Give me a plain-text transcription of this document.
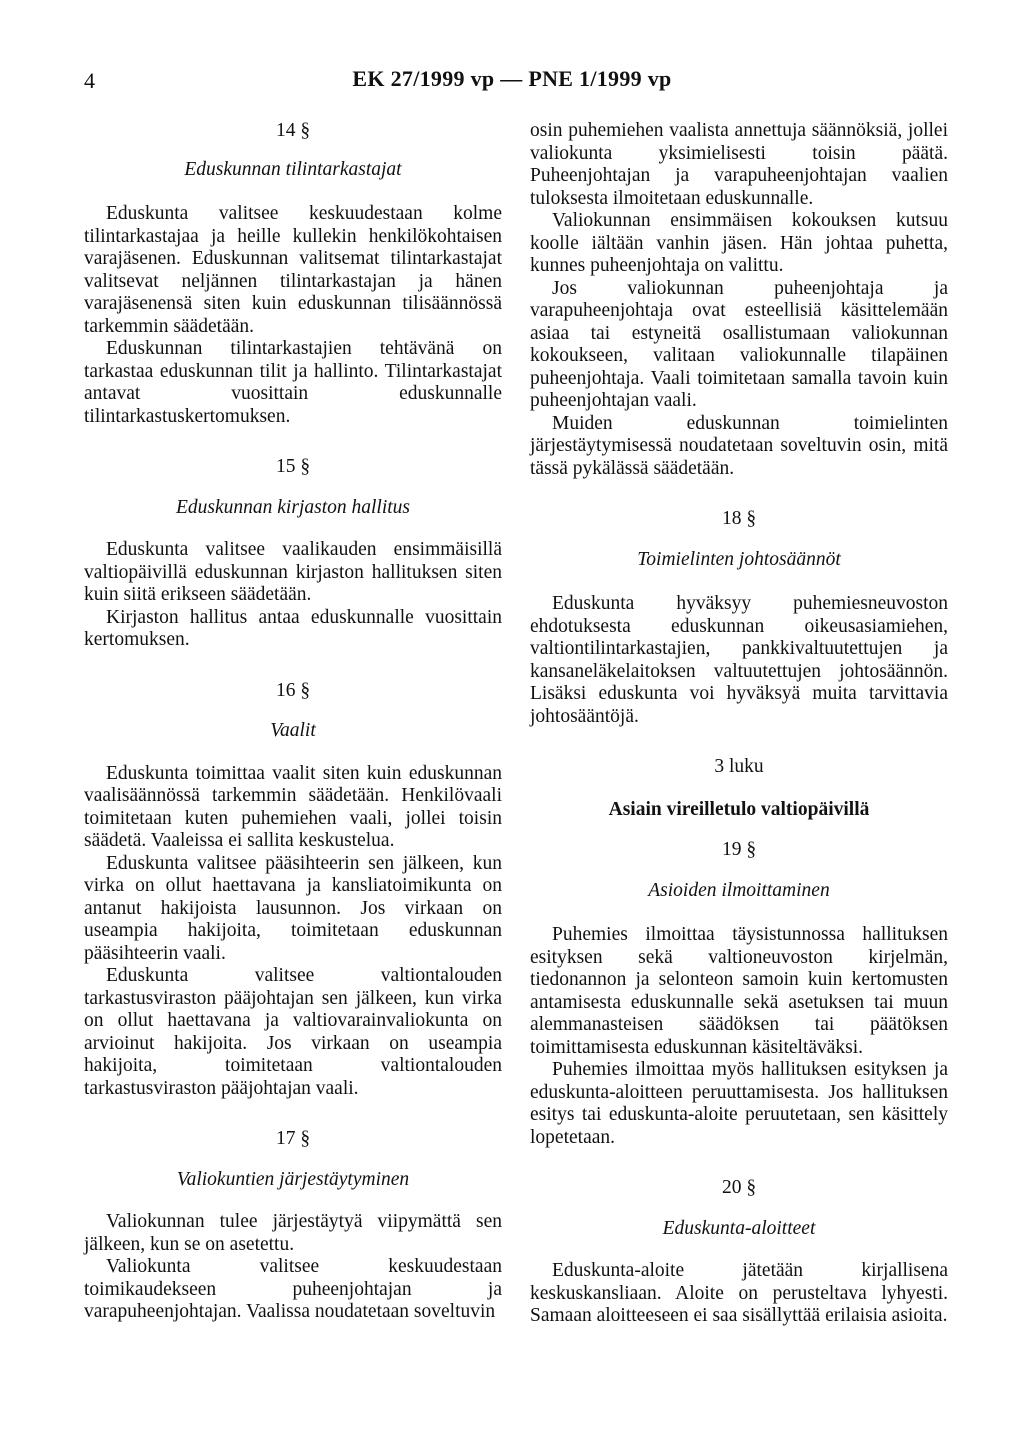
4	EK 27/1999 vp — PNE 1/1999 vp

14 §

Eduskunnan tilintarkastajat

Eduskunta valitsee keskuudestaan kolme tilintarkastajaa ja heille kullekin henkilökohtaisen varajäsenen. Eduskunnan valitsemat tilintarkastajat valitsevat neljännen tilintarkastajan ja hänen varajäsenensä siten kuin eduskunnan tilisäännössä tarkemmin säädetään.

Eduskunnan tilintarkastajien tehtävänä on tarkastaa eduskunnan tilit ja hallinto. Tilintarkastajat antavat vuosittain eduskunnalle tilintarkastuskertomuksen.

15 §

Eduskunnan kirjaston hallitus

Eduskunta valitsee vaalikauden ensimmäisillä valtiopäivillä eduskunnan kirjaston hallituksen siten kuin siitä erikseen säädetään.

Kirjaston hallitus antaa eduskunnalle vuosittain kertomuksen.

16 §

Vaalit

Eduskunta toimittaa vaalit siten kuin eduskunnan vaalisäännössä tarkemmin säädetään. Henkilövaali toimitetaan kuten puhemiehen vaali, jollei toisin säädetä. Vaaleissa ei sallita keskustelua.

Eduskunta valitsee pääsihteerin sen jälkeen, kun virka on ollut haettavana ja kansliatoimikunta on antanut hakijoista lausunnon. Jos virkaan on useampia hakijoita, toimitetaan eduskunnan pääsihteerin vaali.

Eduskunta valitsee valtiontalouden tarkastusviraston pääjohtajan sen jälkeen, kun virka on ollut haettavana ja valtiovarainvaliokunta on arvioinut hakijoita. Jos virkaan on useampia hakijoita, toimitetaan valtiontalouden tarkastusviraston pääjohtajan vaali.

17 §

Valiokuntien järjestäytyminen

Valiokunnan tulee järjestäytyä viipymättä sen jälkeen, kun se on asetettu.

Valiokunta valitsee keskuudestaan toimikaudekseen puheenjohtajan ja varapuheenjohtajan. Vaalissa noudatetaan soveltuvin

osin puhemiehen vaalista annettuja säännöksiä, jollei valiokunta yksimielisesti toisin päätä. Puheenjohtajan ja varapuheenjohtajan vaalien tuloksesta ilmoitetaan eduskunnalle.

Valiokunnan ensimmäisen kokouksen kutsuu koolle iältään vanhin jäsen. Hän johtaa puhetta, kunnes puheenjohtaja on valittu.

Jos valiokunnan puheenjohtaja ja varapuheenjohtaja ovat esteellisiä käsittelemään asiaa tai estyneitä osallistumaan valiokunnan kokoukseen, valitaan valiokunnalle tilapäinen puheenjohtaja. Vaali toimitetaan samalla tavoin kuin puheenjohtajan vaali.

Muiden eduskunnan toimielinten järjestäytymisessä noudatetaan soveltuvin osin, mitä tässä pykälässä säädetään.

18 §

Toimielinten johtosäännöt

Eduskunta hyväksyy puhemiesneuvoston ehdotuksesta eduskunnan oikeusasiamiehen, valtiontilintarkastajien, pankkivaltuutettujen ja kansaneläkelaitoksen valtuutettujen johtosäännön. Lisäksi eduskunta voi hyväksyä muita tarvittavia johtosääntöjä.

3 luku

Asiain vireilletulo valtiopäivillä

19 §

Asioiden ilmoittaminen

Puhemies ilmoittaa täysistunnossa hallituksen esityksen sekä valtioneuvoston kirjelmän, tiedonannon ja selonteon samoin kuin kertomusten antamisesta eduskunnalle sekä asetuksen tai muun alemmanasteisen säädöksen tai päätöksen toimittamisesta eduskunnan käsiteltäväksi.

Puhemies ilmoittaa myös hallituksen esityksen ja eduskunta-aloitteen peruuttamisesta. Jos hallituksen esitys tai eduskunta-aloite peruutetaan, sen käsittely lopetetaan.

20 §

Eduskunta-aloitteet

Eduskunta-aloite jätetään kirjallisena keskuskansliaan. Aloite on perusteltava lyhyesti. Samaan aloitteeseen ei saa sisällyttää erilaisia asioita.
